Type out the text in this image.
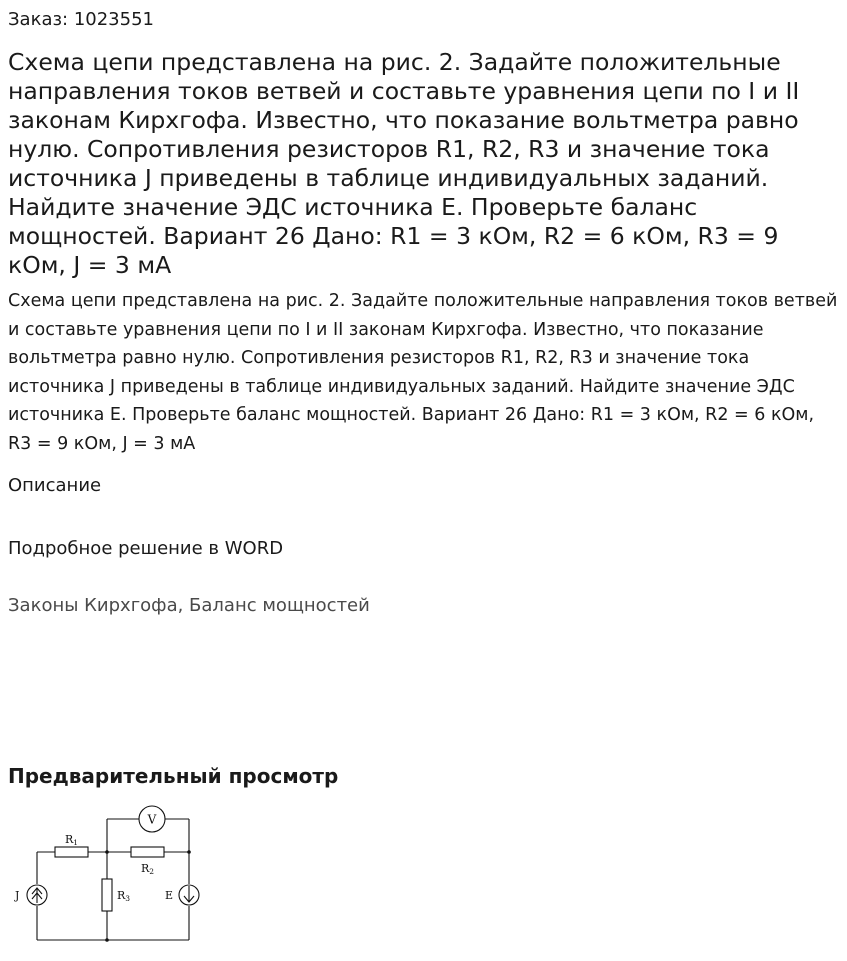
Заказ: 1023551
Схема цепи представлена на рис. 2. Задайте положительные направления токов ветвей и составьте уравнения цепи по I и II законам Кирхгофа. Известно, что показание вольтметра равно нулю. Сопротивления резисторов R1, R2, R3 и значение тока источника J приведены в таблице индивидуальных заданий. Найдите значение ЭДС источника E. Проверьте баланс мощностей. Вариант 26 Дано: R1 = 3 кОм, R2 = 6 кОм, R3 = 9 кОм, J = 3 мА

Схема цепи представлена на рис. 2. Задайте положительные направления токов ветвей и составьте уравнения цепи по I и II законам Кирхгофа. Известно, что показание вольтметра равно нулю. Сопротивления резисторов R1, R2, R3 и значение тока источника J приведены в таблице индивидуальных заданий. Найдите значение ЭДС источника E. Проверьте баланс мощностей. Вариант 26 Дано: R1 = 3 кОм, R2 = 6 кОм, R3 = 9 кОм, J = 3 мА

Описание
Подробное решение в WORD
Законы Кирхгофа, Баланс мощностей
Предварительный просмотр
V
R1
R2
R3
J	E
